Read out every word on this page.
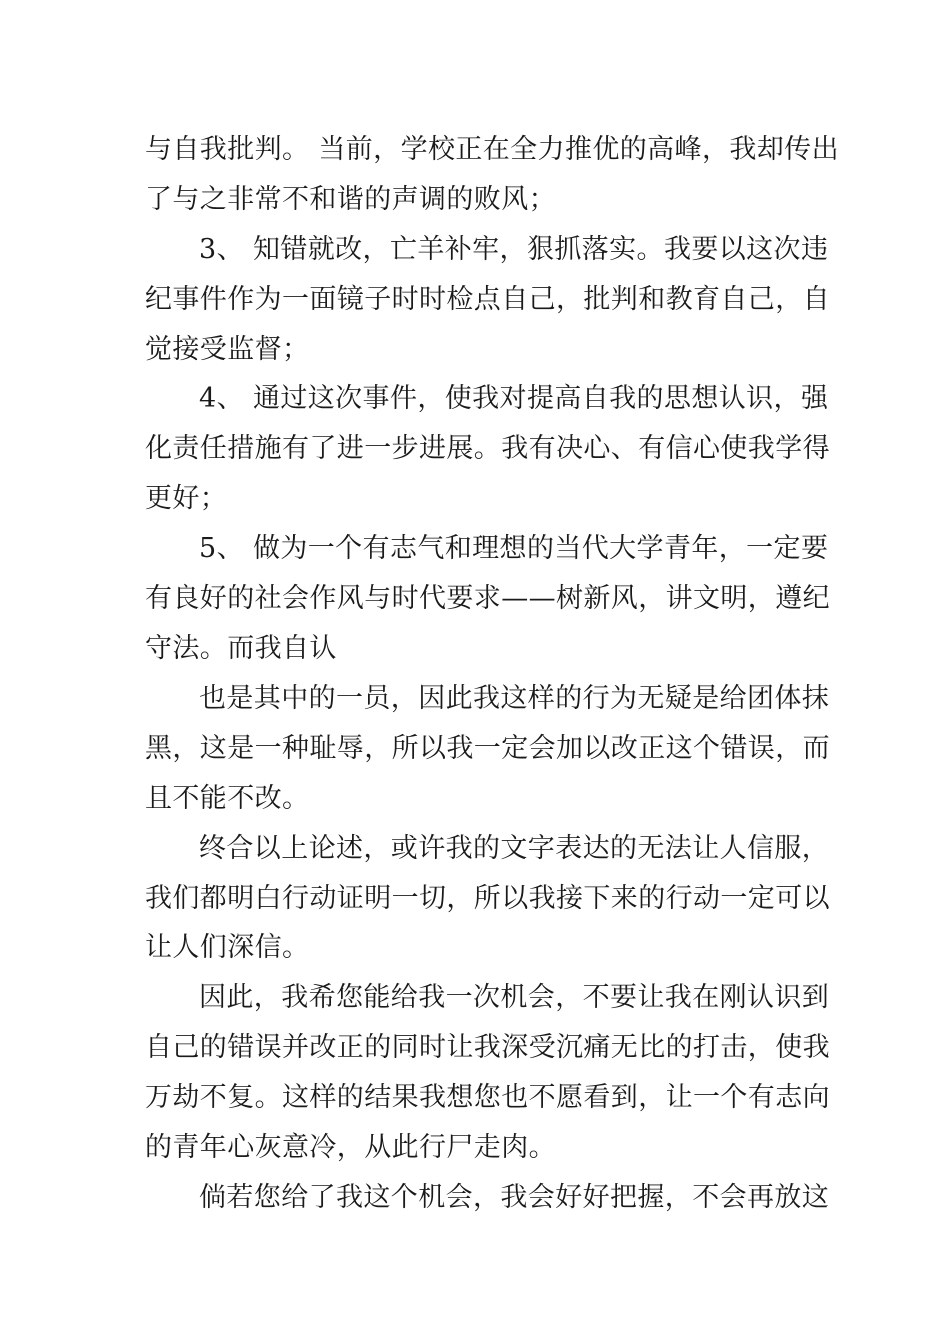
与自我批判。 当前，学校正在全力推优的高峰，我却传出
了与之非常不和谐的声调的败风；
3、 知错就改，亡羊补牢，狠抓落实。我要以这次违
纪事件作为一面镜子时时检点自己，批判和教育自己，自
觉接受监督；
4、 通过这次事件，使我对提高自我的思想认识，强
化责任措施有了进一步进展。我有决心、有信心使我学得
更好；
5、 做为一个有志气和理想的当代大学青年，一定要
有良好的社会作风与时代要求——树新风，讲文明，遵纪
守法。而我自认
也是其中的一员，因此我这样的行为无疑是给团体抹
黑，这是一种耻辱，所以我一定会加以改正这个错误，而
且不能不改。
终合以上论述，或许我的文字表达的无法让人信服，
我们都明白行动证明一切，所以我接下来的行动一定可以
让人们深信。
因此，我希您能给我一次机会，不要让我在刚认识到
自己的错误并改正的同时让我深受沉痛无比的打击，使我
万劫不复。这样的结果我想您也不愿看到，让一个有志向
的青年心灰意冷，从此行尸走肉。
倘若您给了我这个机会，我会好好把握，不会再放这
